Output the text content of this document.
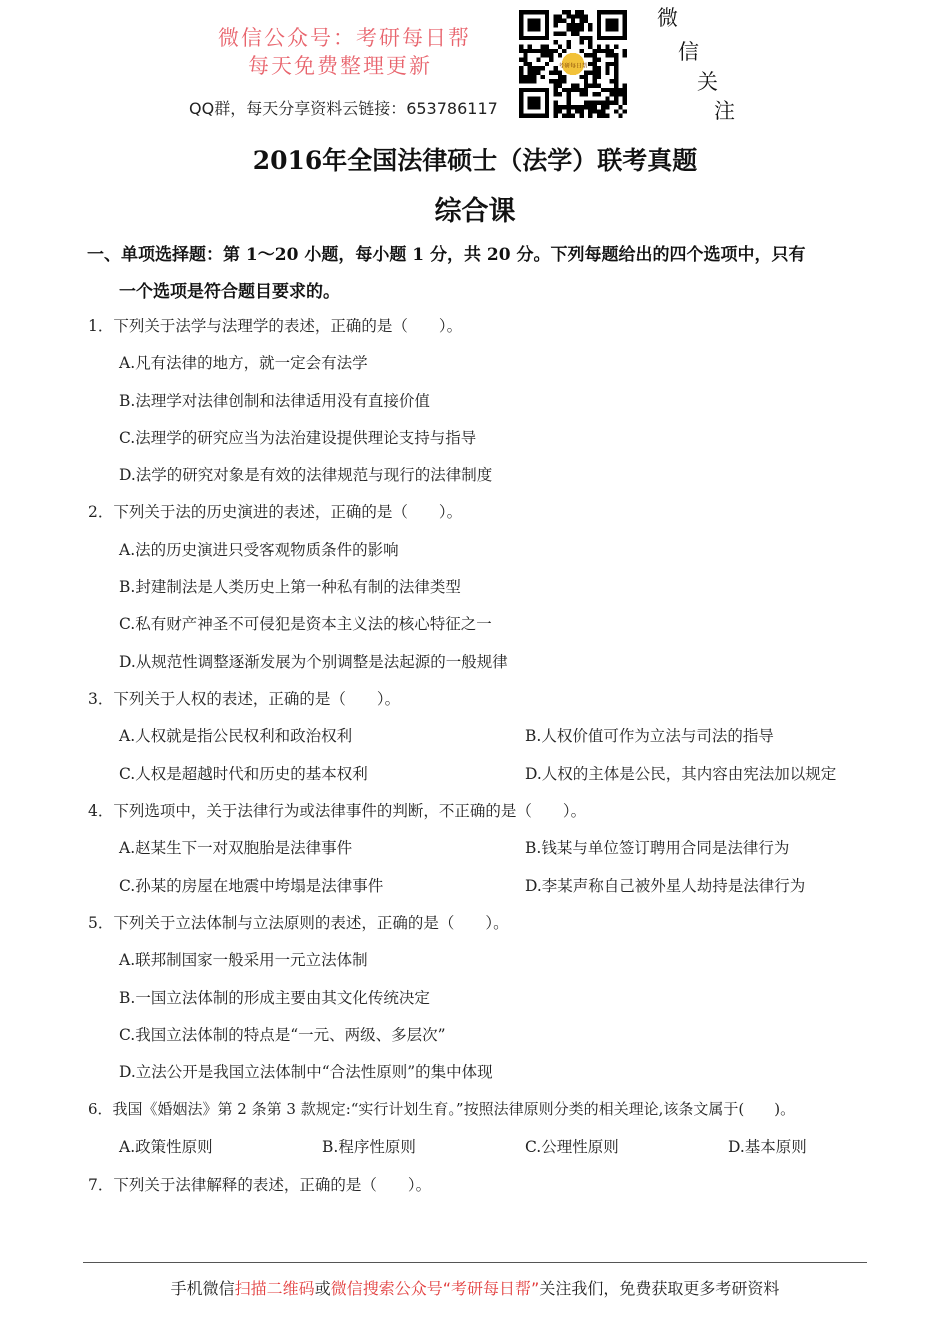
微信公众号：考研每日帮
每天免费整理更新
QQ群，每天分享资料云链接：653786117
考研每日帮
微
信
关
注
2016年全国法律硕士（法学）联考真题
综合课
一、单项选择题：第 1～20 小题，每小题 1 分，共 20 分。下列每题给出的四个选项中，只有
一个选项是符合题目要求的。
1．下列关于法学与法理学的表述，正确的是（　　）。
A.凡有法律的地方，就一定会有法学
B.法理学对法律创制和法律适用没有直接价值
C.法理学的研究应当为法治建设提供理论支持与指导
D.法学的研究对象是有效的法律规范与现行的法律制度
2．下列关于法的历史演进的表述，正确的是（　　）。
A.法的历史演进只受客观物质条件的影响
B.封建制法是人类历史上第一种私有制的法律类型
C.私有财产神圣不可侵犯是资本主义法的核心特征之一
D.从规范性调整逐渐发展为个别调整是法起源的一般规律
3．下列关于人权的表述，正确的是（　　）。
A.人权就是指公民权利和政治权利	B.人权价值可作为立法与司法的指导
C.人权是超越时代和历史的基本权利	D.人权的主体是公民，其内容由宪法加以规定
4．下列选项中，关于法律行为或法律事件的判断，不正确的是（　　）。
A.赵某生下一对双胞胎是法律事件	B.钱某与单位签订聘用合同是法律行为
C.孙某的房屋在地震中垮塌是法律事件	D.李某声称自己被外星人劫持是法律行为
5．下列关于立法体制与立法原则的表述，正确的是（　　）。
A.联邦制国家一般采用一元立法体制
B.一国立法体制的形成主要由其文化传统决定
C.我国立法体制的特点是“一元、两级、多层次”
D.立法公开是我国立法体制中“合法性原则”的集中体现
6．我国《婚姻法》第 2 条第 3 款规定:“实行计划生育。”按照法律原则分类的相关理论,该条文属于(　　)。
A.政策性原则	B.程序性原则	C.公理性原则	D.基本原则
7．下列关于法律解释的表述，正确的是（　　）。
手机微信扫描二维码或微信搜索公众号“考研每日帮”关注我们，免费获取更多考研资料
